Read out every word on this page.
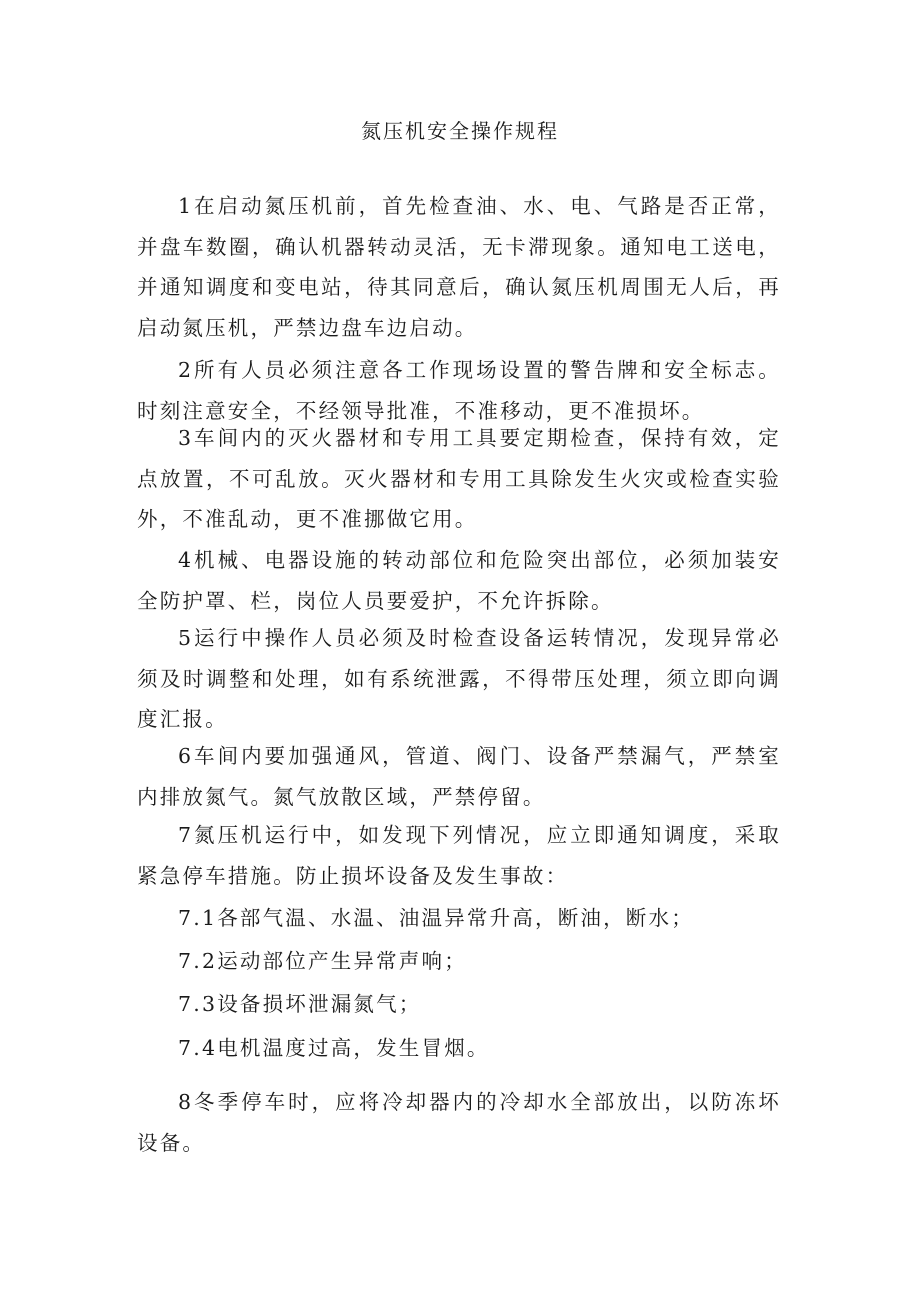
氮压机安全操作规程

1在启动氮压机前，首先检查油、水、电、气路是否正常，并盘车数圈，确认机器转动灵活，无卡滞现象。通知电工送电，并通知调度和变电站，待其同意后，确认氮压机周围无人后，再启动氮压机，严禁边盘车边启动。

2所有人员必须注意各工作现场设置的警告牌和安全标志。时刻注意安全，不经领导批准，不准移动，更不准损坏。

3车间内的灭火器材和专用工具要定期检查，保持有效，定点放置，不可乱放。灭火器材和专用工具除发生火灾或检查实验外，不准乱动，更不准挪做它用。

4机械、电器设施的转动部位和危险突出部位，必须加装安全防护罩、栏，岗位人员要爱护，不允许拆除。

5运行中操作人员必须及时检查设备运转情况，发现异常必须及时调整和处理，如有系统泄露，不得带压处理，须立即向调度汇报。

6车间内要加强通风，管道、阀门、设备严禁漏气，严禁室内排放氮气。氮气放散区域，严禁停留。

7氮压机运行中，如发现下列情况，应立即通知调度，采取紧急停车措施。防止损坏设备及发生事故：

7.1各部气温、水温、油温异常升高，断油，断水；

7.2运动部位产生异常声响；

7.3设备损坏泄漏氮气；

7.4电机温度过高，发生冒烟。

8冬季停车时，应将冷却器内的冷却水全部放出，以防冻坏设备。
